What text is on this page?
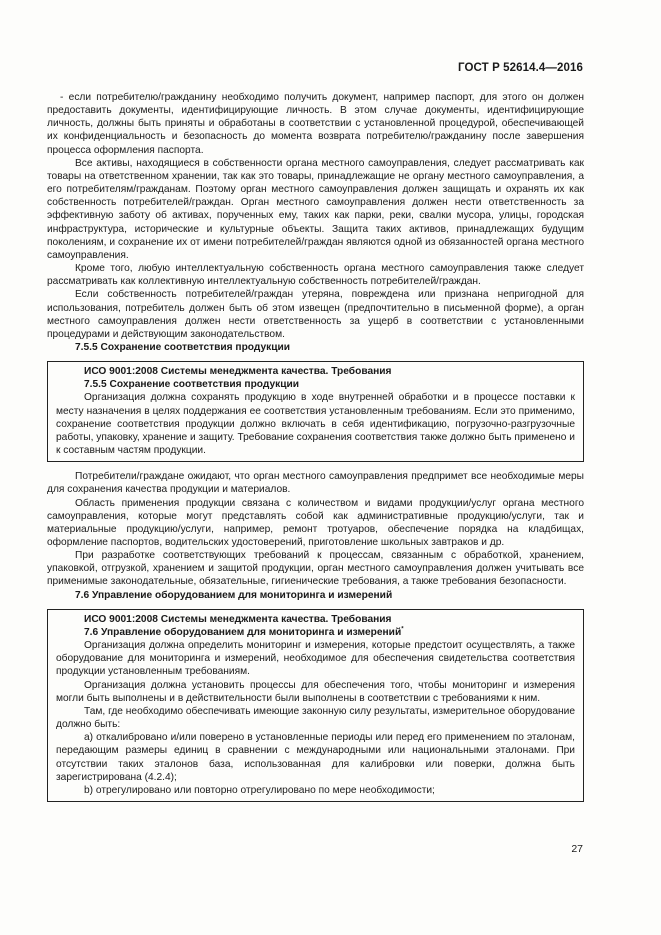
ГОСТ Р 52614.4—2016

- если потребителю/гражданину необходимо получить документ, например паспорт, для этого он должен предоставить документы, идентифицирующие личность. В этом случае документы, идентифицирующие личность, должны быть приняты и обработаны в соответствии с установленной процедурой, обеспечивающей их конфиденциальность и безопасность до момента возврата потребителю/гражданину после завершения процесса оформления паспорта.

Все активы, находящиеся в собственности органа местного самоуправления, следует рассматривать как товары на ответственном хранении, так как это товары, принадлежащие не органу местного самоуправления, а его потребителям/гражданам. Поэтому орган местного самоуправления должен защищать и охранять их как собственность потребителей/граждан. Орган местного самоуправления должен нести ответственность за эффективную заботу об активах, порученных ему, таких как парки, реки, свалки мусора, улицы, городская инфраструктура, исторические и культурные объекты. Защита таких активов, принадлежащих будущим поколениям, и сохранение их от имени потребителей/граждан являются одной из обязанностей органа местного самоуправления.

Кроме того, любую интеллектуальную собственность органа местного самоуправления также следует рассматривать как коллективную интеллектуальную собственность потребителей/граждан.

Если собственность потребителей/граждан утеряна, повреждена или признана непригодной для использования, потребитель должен быть об этом извещен (предпочтительно в письменной форме), а орган местного самоуправления должен нести ответственность за ущерб в соответствии с установленными процедурами и действующим законодательством.

7.5.5 Сохранение соответствия продукции
ИСО 9001:2008 Системы менеджмента качества. Требования
7.5.5 Сохранение соответствия продукции

Организация должна сохранять продукцию в ходе внутренней обработки и в процессе поставки к месту назначения в целях поддержания ее соответствия установленным требованиям. Если это применимо, сохранение соответствия продукции должно включать в себя идентификацию, погрузочно-разгрузочные работы, упаковку, хранение и защиту. Требование сохранения соответствия также должно быть применено и к составным частям продукции.

Потребители/граждане ожидают, что орган местного самоуправления предпримет все необходимые меры для сохранения качества продукции и материалов.

Область применения продукции связана с количеством и видами продукции/услуг органа местного самоуправления, которые могут представлять собой как административные продукцию/услуги, так и материальные продукцию/услуги, например, ремонт тротуаров, обеспечение порядка на кладбищах, оформление паспортов, водительских удостоверений, приготовление школьных завтраков и др.

При разработке соответствующих требований к процессам, связанным с обработкой, хранением, упаковкой, отгрузкой, хранением и защитой продукции, орган местного самоуправления должен учитывать все применимые законодательные, обязательные, гигиенические требования, а также требования безопасности.

7.6 Управление оборудованием для мониторинга и измерений
ИСО 9001:2008 Системы менеджмента качества. Требования
7.6 Управление оборудованием для мониторинга и измерений*

Организация должна определить мониторинг и измерения, которые предстоит осуществлять, а также оборудование для мониторинга и измерений, необходимое для обеспечения свидетельства соответствия продукции установленным требованиям.

Организация должна установить процессы для обеспечения того, чтобы мониторинг и измерения могли быть выполнены и в действительности были выполнены в соответствии с требованиями к ним.

Там, где необходимо обеспечивать имеющие законную силу результаты, измерительное оборудование должно быть:

a) откалибровано и/или поверено в установленные периоды или перед его применением по эталонам, передающим размеры единиц в сравнении с международными или национальными эталонами. При отсутствии таких эталонов база, использованная для калибровки или поверки, должна быть зарегистрирована (4.2.4);

b) отрегулировано или повторно отрегулировано по мере необходимости;

27
